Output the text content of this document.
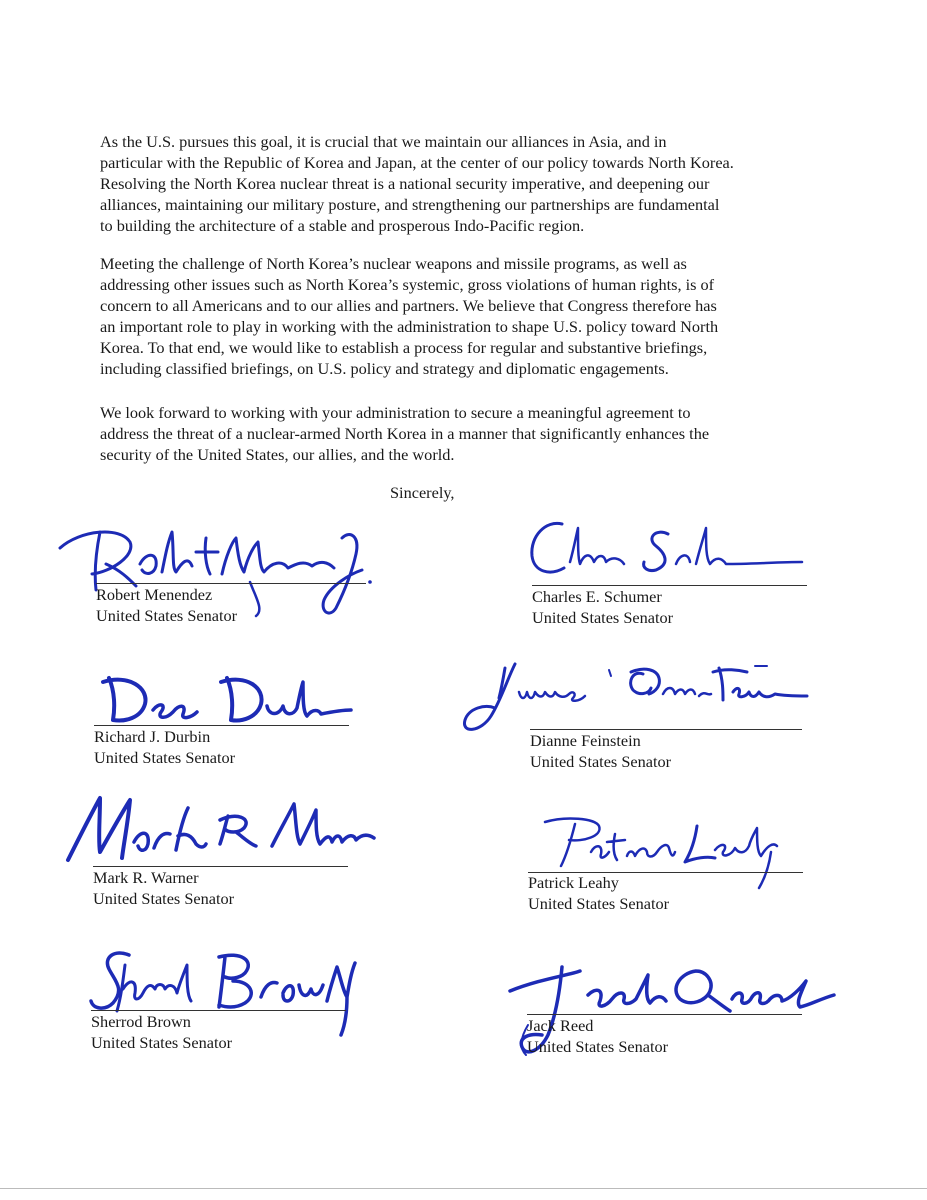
As the U.S. pursues this goal, it is crucial that we maintain our alliances in Asia, and in
particular with the Republic of Korea and Japan, at the center of our policy towards North Korea.
Resolving the North Korea nuclear threat is a national security imperative, and deepening our
alliances, maintaining our military posture, and strengthening our partnerships are fundamental
to building the architecture of a stable and prosperous Indo-Pacific region.

Meeting the challenge of North Korea’s nuclear weapons and missile programs, as well as
addressing other issues such as North Korea’s systemic, gross violations of human rights, is of
concern to all Americans and to our allies and partners. We believe that Congress therefore has
an important role to play in working with the administration to shape U.S. policy toward North
Korea. To that end, we would like to establish a process for regular and substantive briefings,
including classified briefings, on U.S. policy and strategy and diplomatic engagements.

We look forward to working with your administration to secure a meaningful agreement to
address the threat of a nuclear-armed North Korea in a manner that significantly enhances the
security of the United States, our allies, and the world.

Sincerely,
Robert Menendez
United States Senator
Charles E. Schumer
United States Senator
Richard J. Durbin
United States Senator
Dianne Feinstein
United States Senator
Mark R. Warner
United States Senator
Patrick Leahy
United States Senator
Sherrod Brown
United States Senator
Jack Reed
United States Senator
